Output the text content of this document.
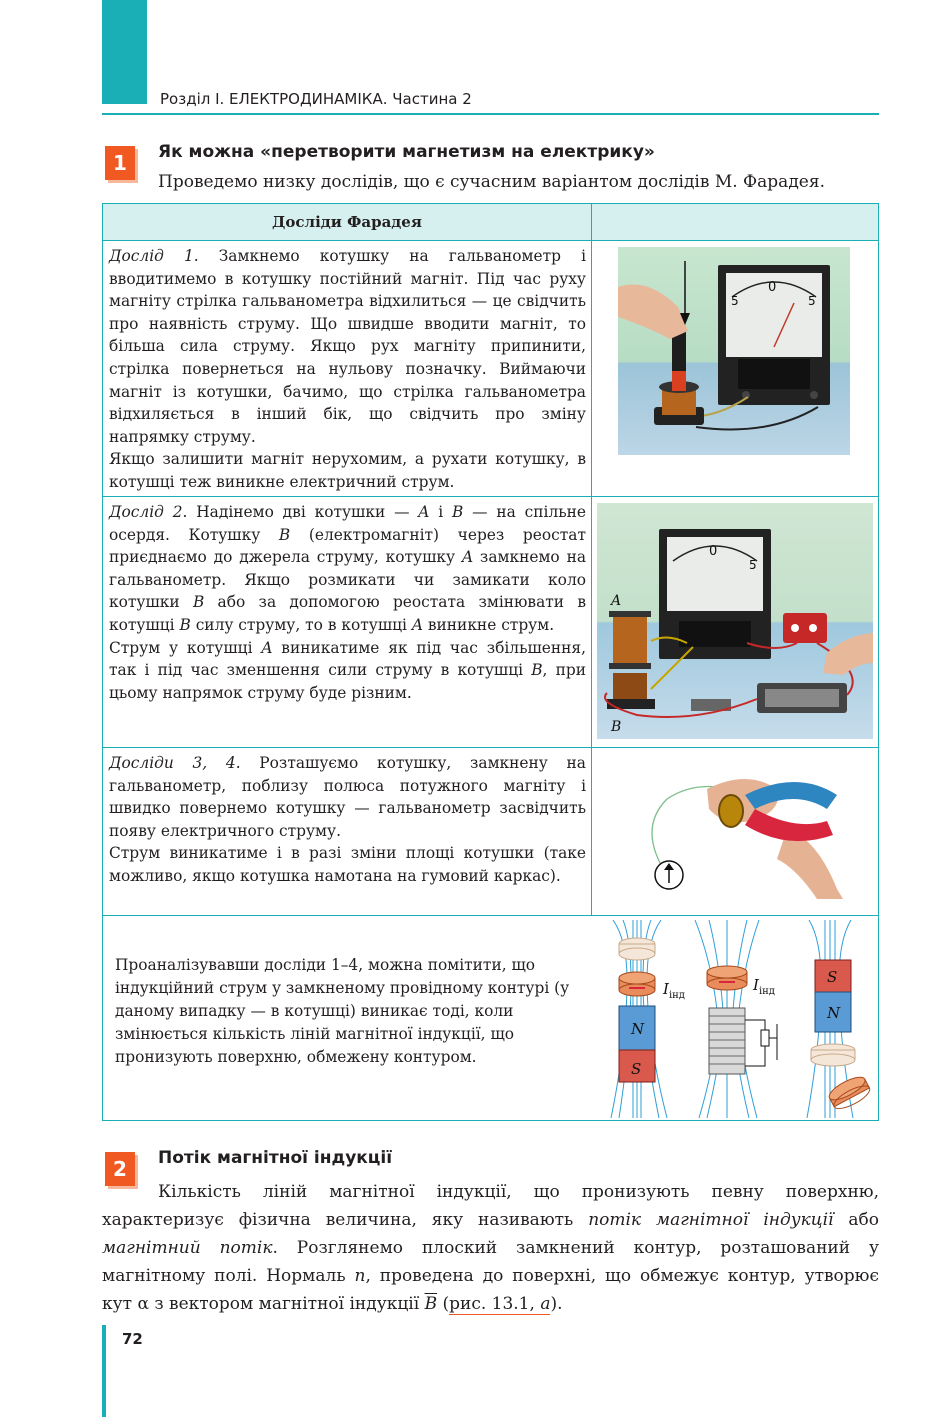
Розділ I. ЕЛЕКТРОДИНАМІКА. Частина 2
1	Як можна «перетворити магнетизм на електрику»
Проведемо низку дослідів, що є сучасним варіантом дослідів М. Фарадея.
Досліди Фарадея

Дослід 1. Замкнемо котушку на гальванометр і вводитимемо в котушку постійний магніт. Під час руху магніту стрілка гальванометра відхилиться — це свідчить про наявність струму. Що швидше вводити магніт, то більша сила струму. Якщо рух магніту припинити, стрілка повернеться на нульову позначку. Виймаючи магніт із котушки, бачимо, що стрілка гальванометра відхиляється в інший бік, що свідчить про зміну напрямку струму.

Якщо залишити магніт нерухомим, а рухати котушку, в котушці теж виникне електричний струм.

Дослід 2. Надінемо дві котушки — A і B — на спільне осердя. Котушку B (електромагніт) через реостат приєднаємо до джерела струму, котушку A замкнемо на гальванометр. Якщо розмикати чи замикати коло котушки B або за допомогою реостата змінювати в котушці B силу струму, то в котушці A виникне струм.

Струм у котушці A виникатиме як під час збільшення, так і під час зменшення сили струму в котушці B, при цьому напрямок струму буде різним.

Досліди 3, 4. Розташуємо котушку, замкнену на гальванометр, поблизу полюса потужного магніту і швидко повернемо котушку — гальванометр засвідчить появу електричного струму.

Струм виникатиме і в разі зміни площі котушки (таке можливо, якщо котушка намотана на гумовий каркас).

Проаналізувавши досліди 1–4, можна помітити, що індукційний струм у замкненому провідному контурі (у даному випадку — в котушці) виникає тоді, коли змінюється кількість ліній магнітної індукції, що пронизують поверхню, обмежену контуром.
5
0
5
0
5
A
B
N
S
$I_{інд}$
$I_{інд}$
S
N
2	Потік магнітної індукції

Кількість ліній магнітної індукції, що пронизують певну поверхню, характеризує фізична величина, яку називають потік магнітної індукції або магнітний потік. Розглянемо плоский замкнений контур, розташований у магнітному полі. Нормаль n, проведена до поверхні, що обмежує контур, утворює кут α з вектором магнітної індукції $\overline{B}$ (рис. 13.1, a).

72
